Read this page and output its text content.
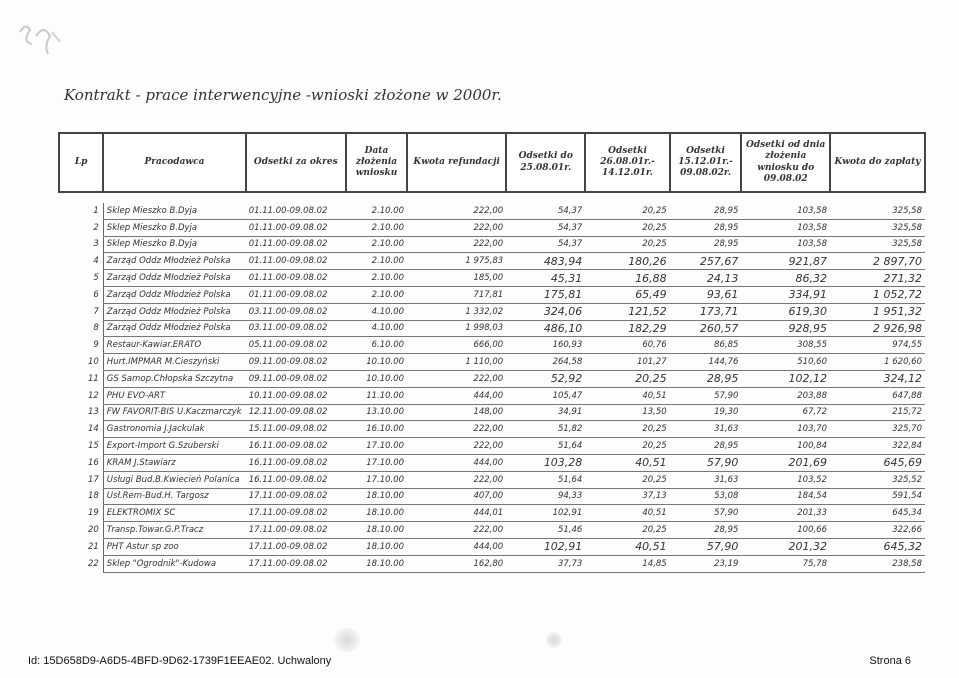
Kontrakt - prace interwencyjne -wnioski złożone w 2000r.
Lp	Pracodawca	Odsetki za okres	Data złożenia wniosku	Kwota refundacji	Odsetki do 25.08.01r.	Odsetki 26.08.01r.- 14.12.01r.	Odsetki 15.12.01r.- 09.08.02r.	Odsetki od dnia złożenia wniosku do 09.08.02	Kwota do zapłaty

1	Sklep Mieszko B.Dyja	01.11.00-09.08.02	2.10.00	222,00	54,37	20,25	28,95	103,58	325,58
2	Sklep Mieszko B.Dyja	01.11.00-09.08.02	2.10.00	222,00	54,37	20,25	28,95	103,58	325,58
3	Sklep Mieszko B.Dyja	01.11.00-09.08.02	2.10.00	222,00	54,37	20,25	28,95	103,58	325,58
4	Zarząd Oddz Młodzież Polska	01.11.00-09.08.02	2.10.00	1 975,83	483,94	180,26	257,67	921,87	2 897,70
5	Zarząd Oddz Młodzież Polska	01.11.00-09.08.02	2.10.00	185,00	45,31	16,88	24,13	86,32	271,32
6	Zarząd Oddz Młodzież Polska	01.11.00-09.08.02	2.10.00	717,81	175,81	65,49	93,61	334,91	1 052,72
7	Zarząd Oddz Młodzież Polska	03.11.00-09.08.02	4.10.00	1 332,02	324,06	121,52	173,71	619,30	1 951,32
8	Zarząd Oddz Młodzież Polska	03.11.00-09.08.02	4.10.00	1 998,03	486,10	182,29	260,57	928,95	2 926,98
9	Restaur-Kawiar.ERATO	05.11.00-09.08.02	6.10.00	666,00	160,93	60,76	86,85	308,55	974,55
10	Hurt.IMPMAR M.Cieszyński	09.11.00-09.08.02	10.10.00	1 110,00	264,58	101,27	144,76	510,60	1 620,60
11	GS Samop.Chłopska Szczytna	09.11.00-09.08.02	10.10.00	222,00	52,92	20,25	28,95	102,12	324,12
12	PHU EVO-ART	10.11.00-09.08.02	11.10.00	444,00	105,47	40,51	57,90	203,88	647,88
13	FW FAVORIT-BIS U.Kaczmarczyk	12.11.00-09.08.02	13.10.00	148,00	34,91	13,50	19,30	67,72	215,72
14	Gastronomia J.Jackulak	15.11.00-09.08.02	16.10.00	222,00	51,82	20,25	31,63	103,70	325,70
15	Export-Import G.Szuberski	16.11.00-09.08.02	17.10.00	222,00	51,64	20,25	28,95	100,84	322,84
16	KRAM J.Stawiarz	16.11.00-09.08.02	17.10.00	444,00	103,28	40,51	57,90	201,69	645,69
17	Usługi Bud.B.Kwiecień Polanica	16.11.00-09.08.02	17.10.00	222,00	51,64	20,25	31,63	103,52	325,52
18	Usł.Rem-Bud.H. Targosz	17.11.00-09.08.02	18.10.00	407,00	94,33	37,13	53,08	184,54	591,54
19	ELEKTROMIX SC	17.11.00-09.08.02	18.10.00	444,01	102,91	40,51	57,90	201,33	645,34
20	Transp.Towar.G.P.Tracz	17.11.00-09.08.02	18.10.00	222,00	51,46	20,25	28,95	100,66	322,66
21	PHT Astur sp zoo	17.11.00-09.08.02	18.10.00	444,00	102,91	40,51	57,90	201,32	645,32
22	Sklep "Ogrodnik"-Kudowa	17.11.00-09.08.02	18.10.00	162,80	37,73	14,85	23,19	75,78	238,58
Id: 15D658D9-A6D5-4BFD-9D62-1739F1EEAE02. Uchwalony	Strona 6
